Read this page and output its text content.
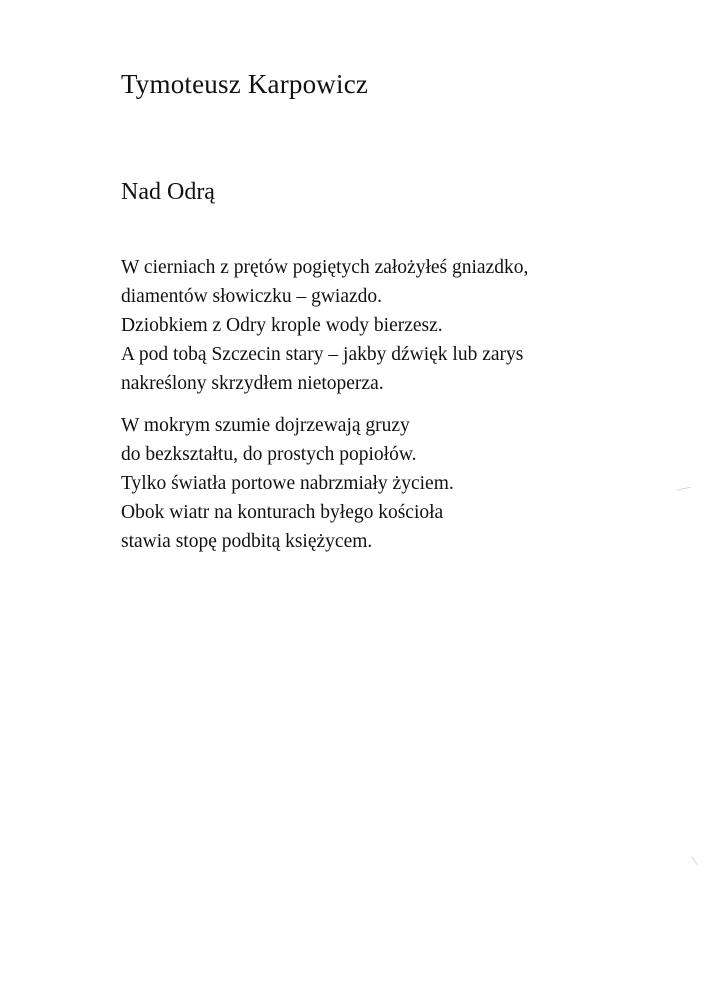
Tymoteusz Karpowicz
Nad Odrą
W cierniach z prętów pogiętych założyłeś gniazdko,
diamentów słowiczku – gwiazdo.
Dziobkiem z Odry krople wody bierzesz.
A pod tobą Szczecin stary – jakby dźwięk lub zarys
nakreślony skrzydłem nietoperza.
W mokrym szumie dojrzewają gruzy
do bezkształtu, do prostych popiołów.
Tylko światła portowe nabrzmiały życiem.
Obok wiatr na konturach byłego kościoła
stawia stopę podbitą księżycem.
